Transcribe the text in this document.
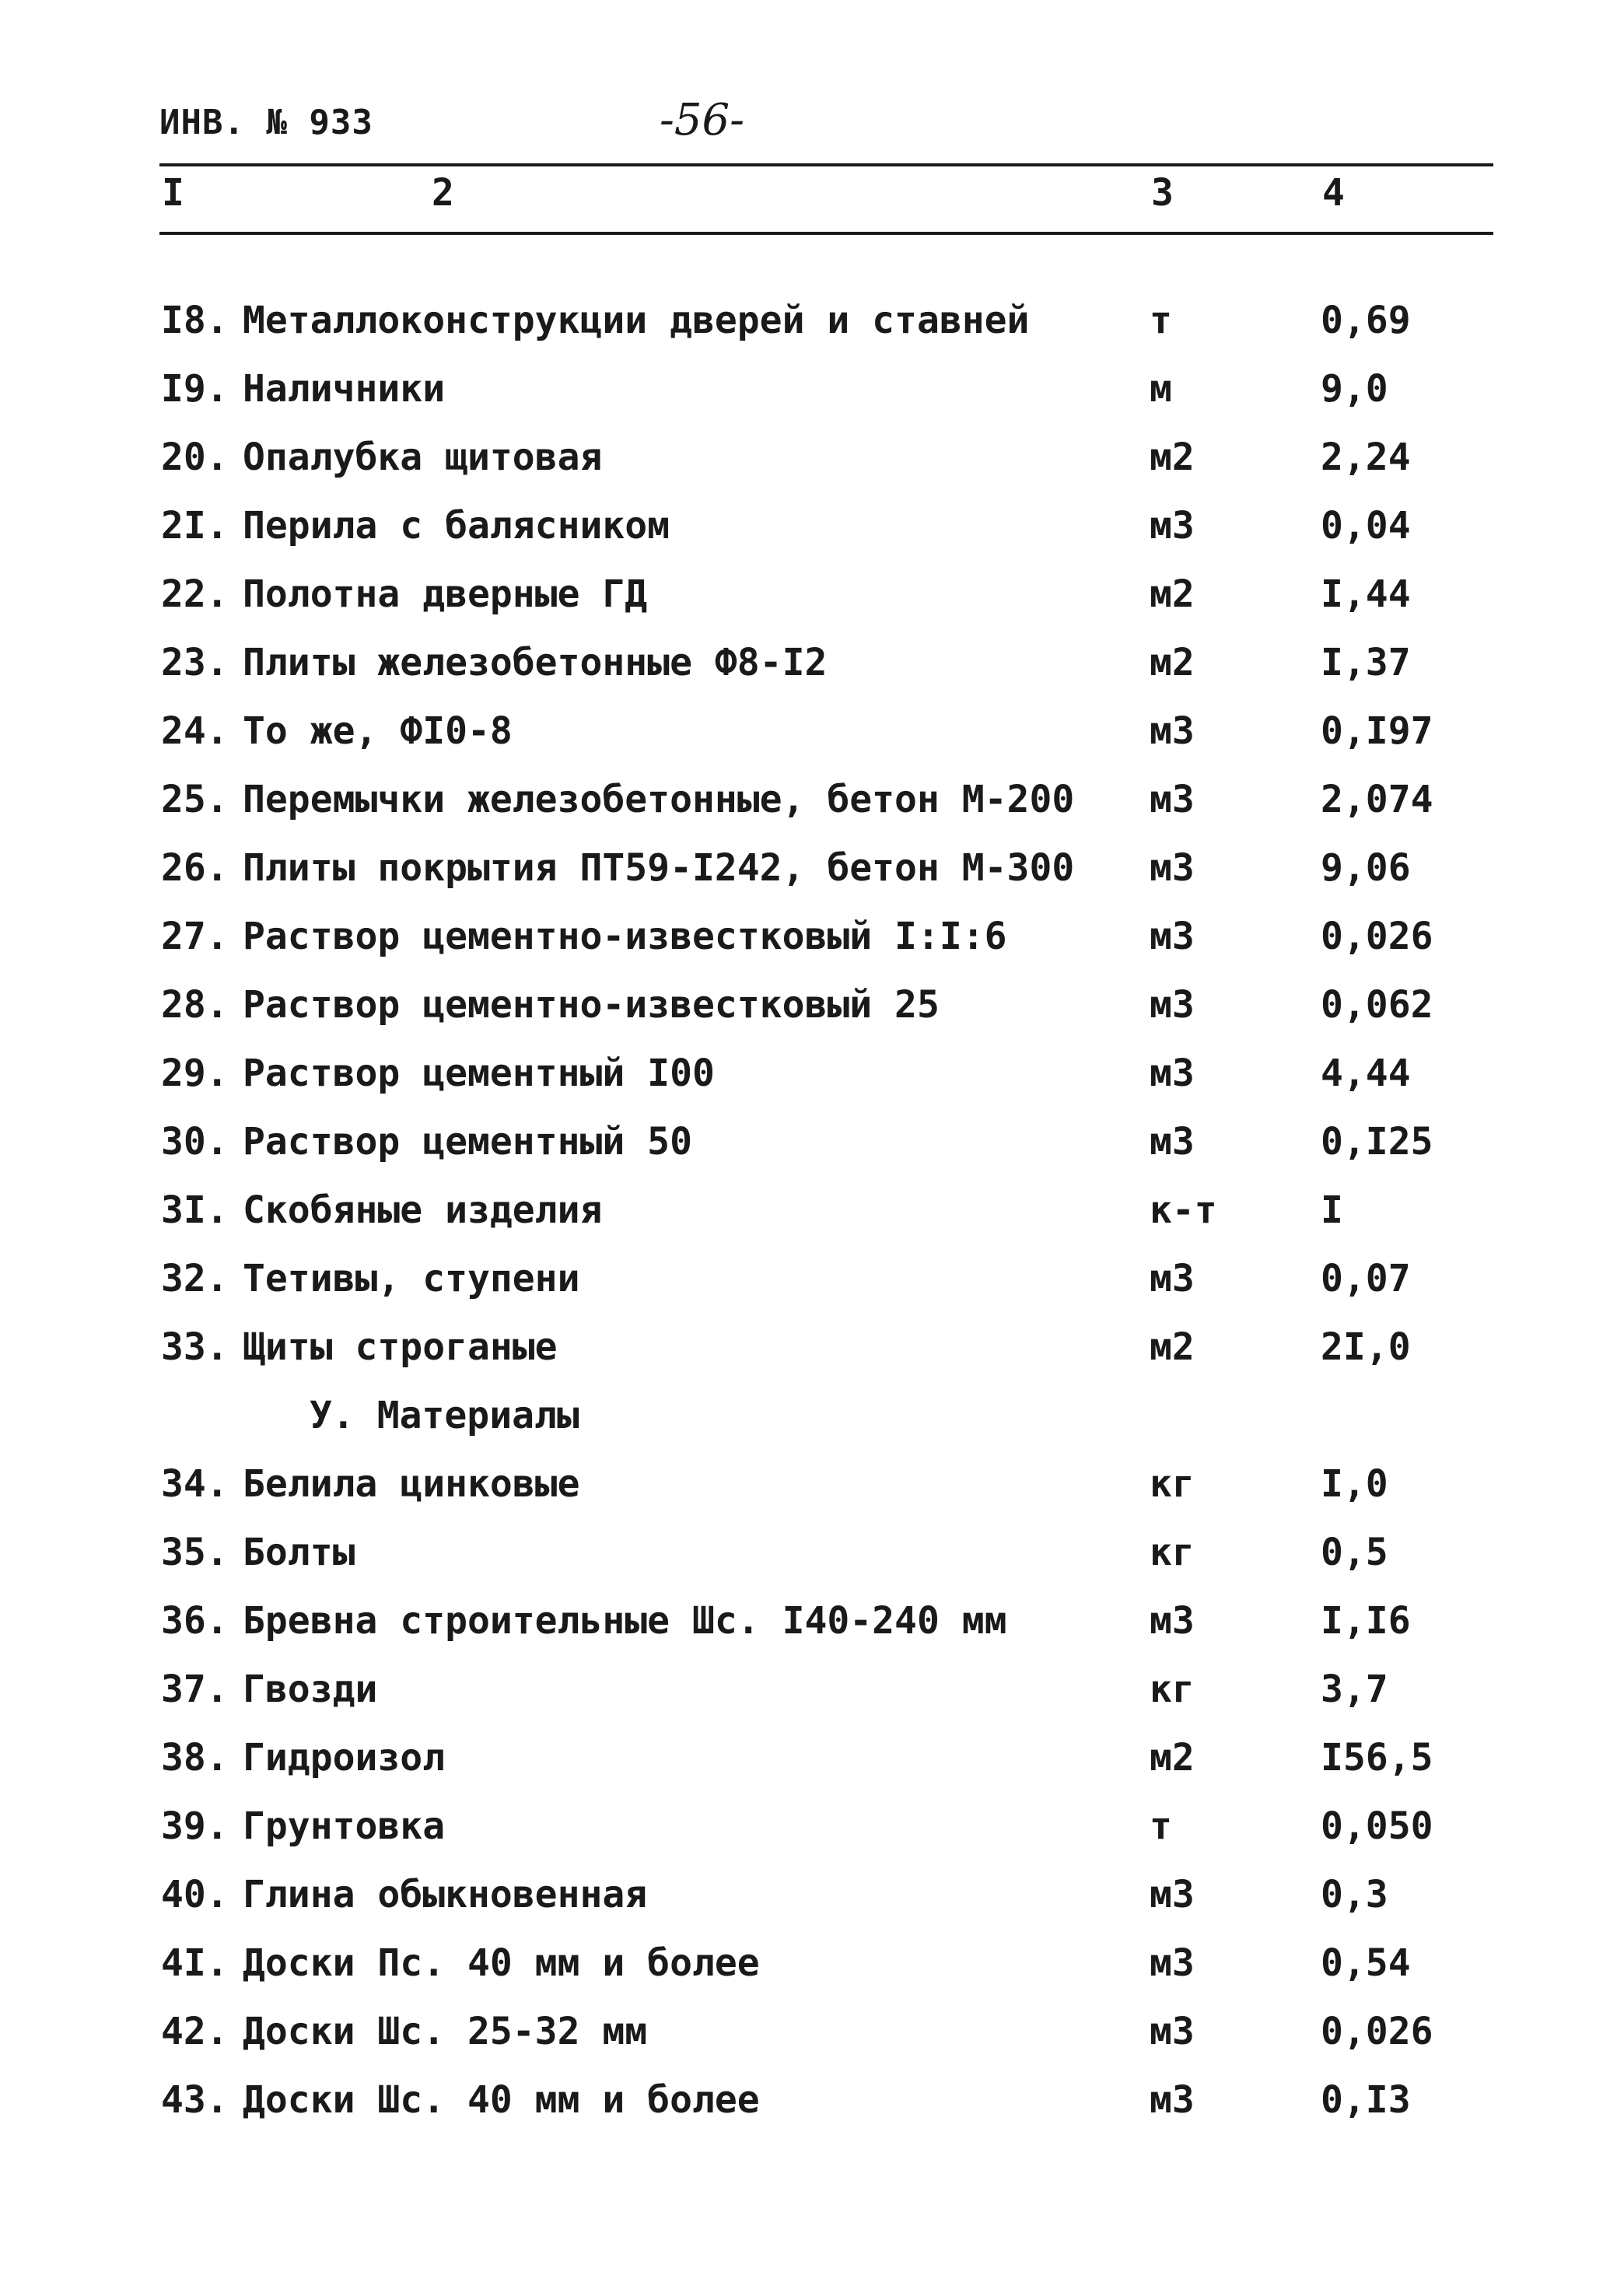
ИНВ. № 933	-56-
I	2	3	4
I8. Металлоконструкции дверей и ставней	т	0,69
I9. Наличники	м	9,0
20. Опалубка щитовая	м2	2,24
2I. Перила с балясником	м3	0,04
22. Полотна дверные ГД	м2	I,44
23. Плиты железобетонные Ф8-I2	м2	I,37
24. То же, ФI0-8	м3	0,I97
25. Перемычки железобетонные, бетон М-200 м3	2,074
26. Плиты покрытия ПТ59-I242, бетон М-300 м3	9,06
27. Раствор цементно-известковый I:I:6	м3	0,026
28. Раствор цементно-известковый 25	м3	0,062
29. Раствор цементный I00	м3	4,44
30. Раствор цементный 50	м3	0,I25
3I. Скобяные изделия	к-т	I
32. Тетивы, ступени	м3	0,07
33. Щиты строганые	м2	2I,0
У. Материалы
34. Белила цинковые	кг	I,0
35. Болты	кг	0,5
36. Бревна строительные Шс. I40-240 мм	м3	I,I6
37. Гвозди	кг	3,7
38. Гидроизол	м2	I56,5
39. Грунтовка	т	0,050
40. Глина обыкновенная	м3	0,3
4I. Доски Пс. 40 мм и более	м3	0,54
42. Доски Шс. 25-32 мм	м3	0,026
43. Доски Шс. 40 мм и более	м3	0,I3
